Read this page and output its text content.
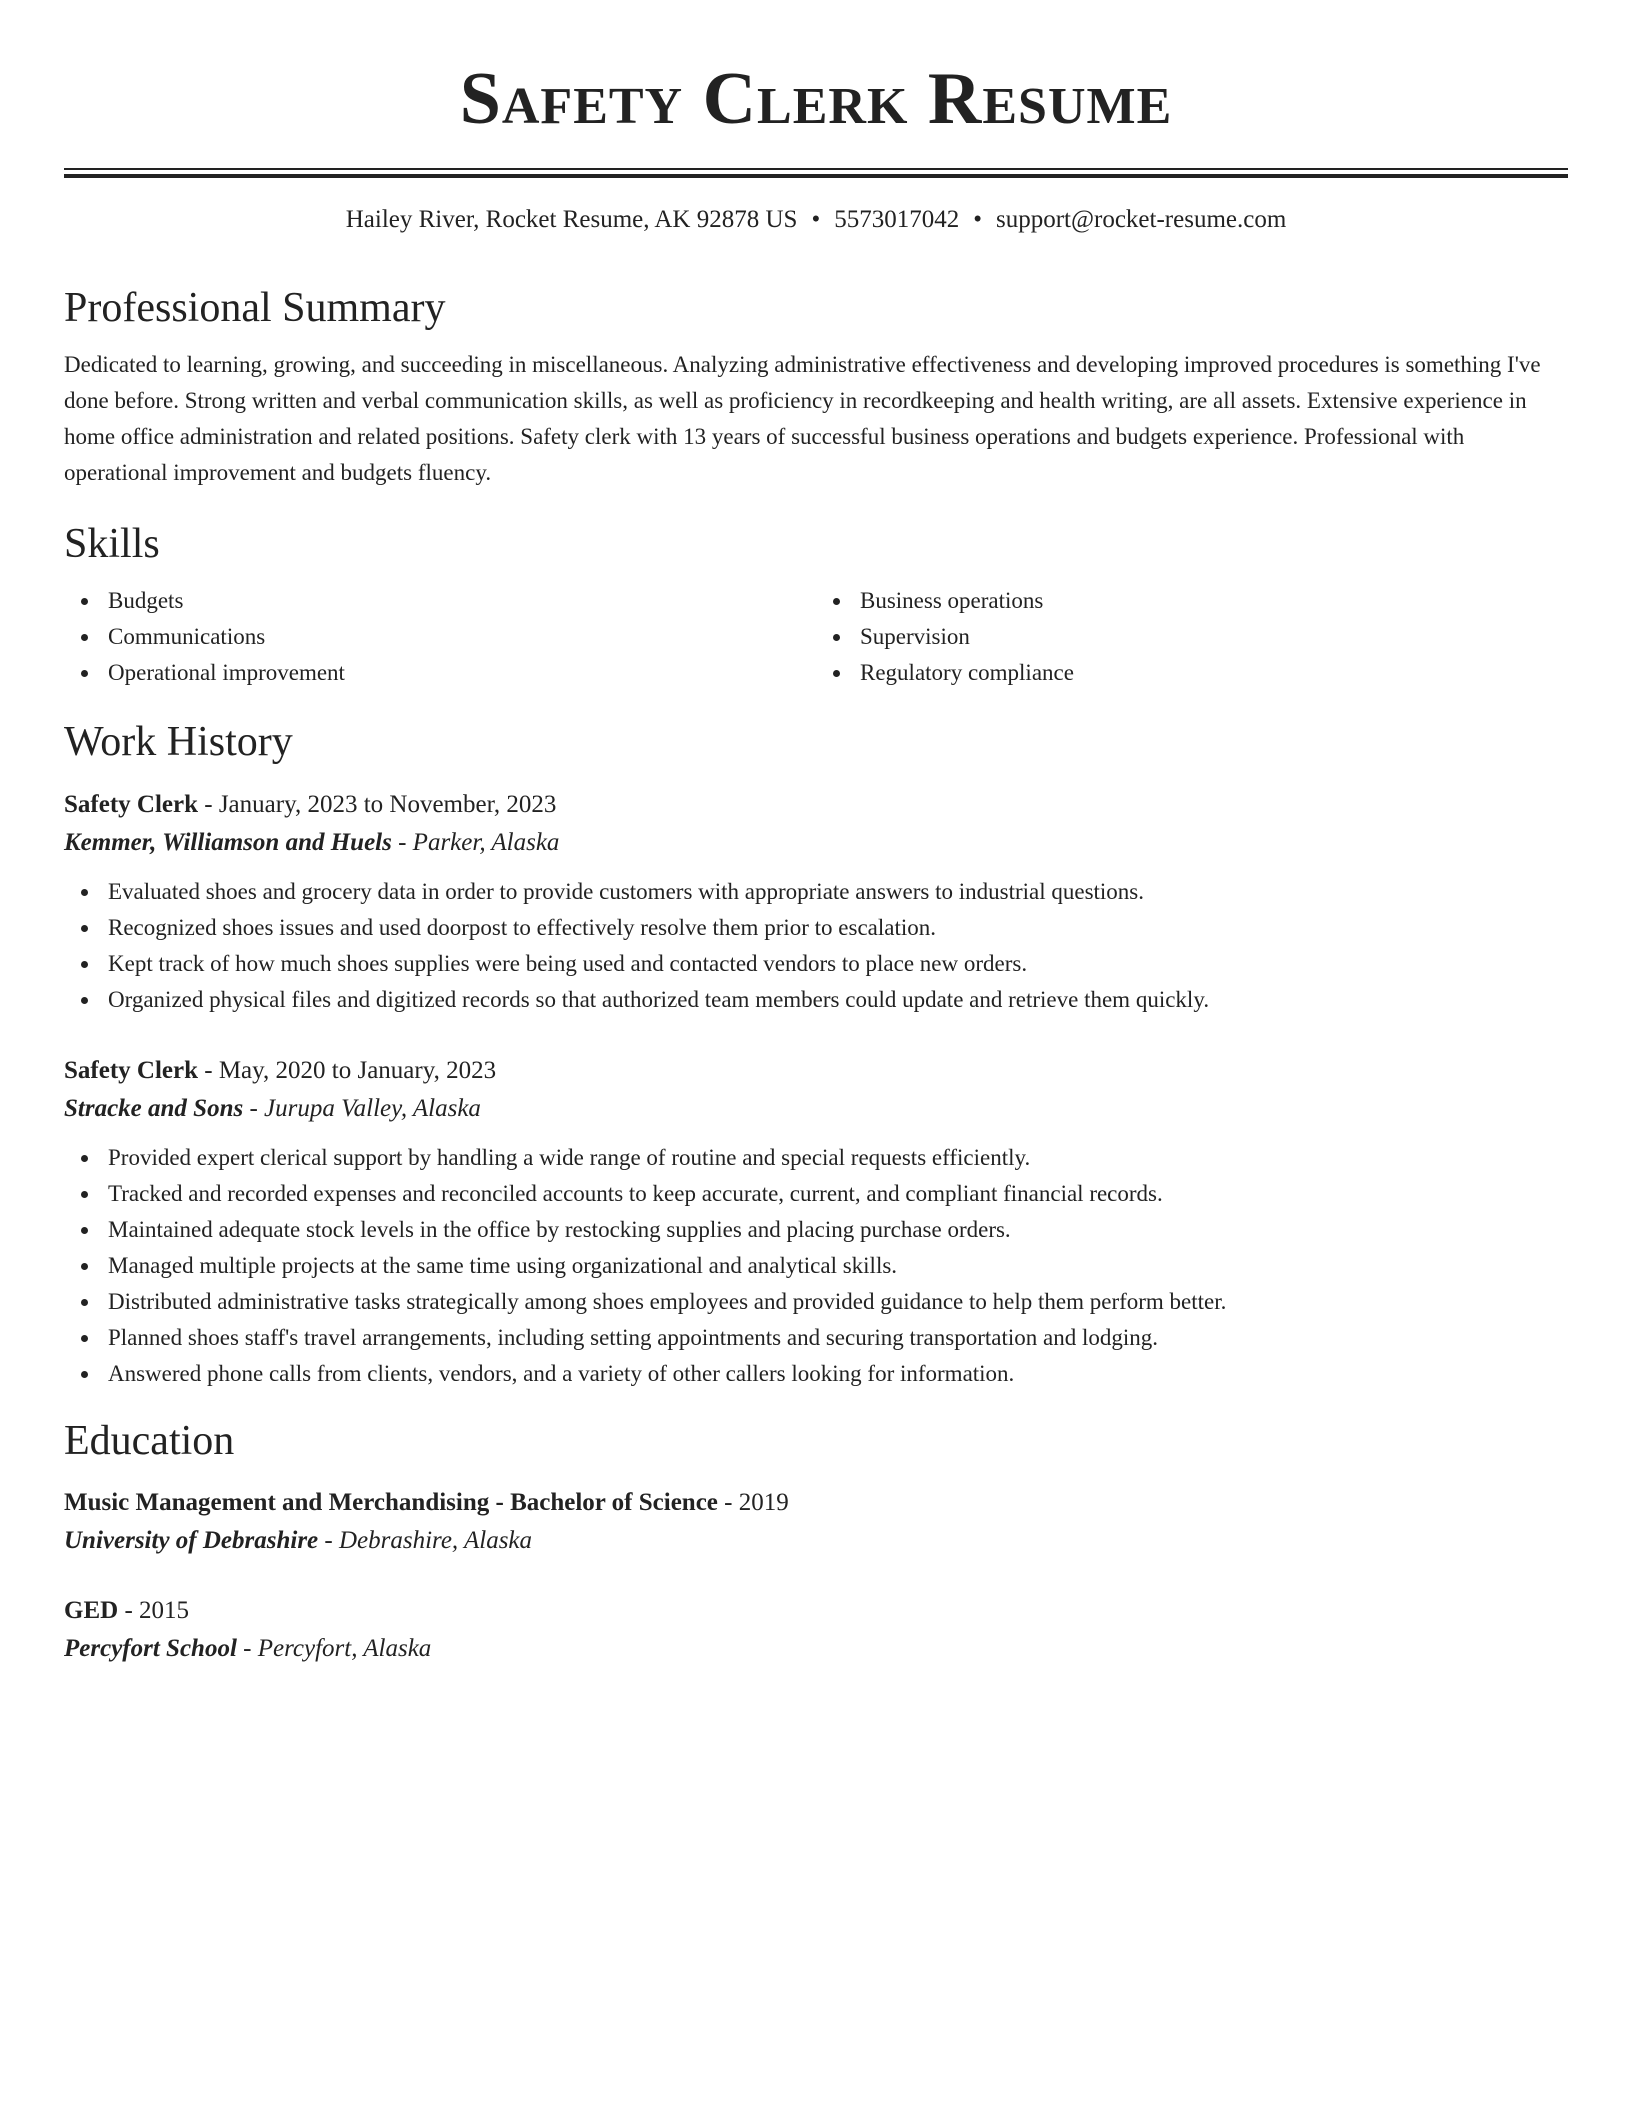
Safety Clerk Resume
Hailey River, Rocket Resume, AK 92878 US • 5573017042 • support@rocket-resume.com
Professional Summary

Dedicated to learning, growing, and succeeding in miscellaneous. Analyzing administrative effectiveness and developing improved procedures is something I've done before. Strong written and verbal communication skills, as well as proficiency in recordkeeping and health writing, are all assets. Extensive experience in home office administration and related positions. Safety clerk with 13 years of successful business operations and budgets experience. Professional with operational improvement and budgets fluency.

Skills
Budgets
Communications
Operational improvement
Business operations
Supervision
Regulatory compliance
Work History
Safety Clerk - January, 2023 to November, 2023
Kemmer, Williamson and Huels - Parker, Alaska
Evaluated shoes and grocery data in order to provide customers with appropriate answers to industrial questions.
Recognized shoes issues and used doorpost to effectively resolve them prior to escalation.
Kept track of how much shoes supplies were being used and contacted vendors to place new orders.
Organized physical files and digitized records so that authorized team members could update and retrieve them quickly.
Safety Clerk - May, 2020 to January, 2023
Stracke and Sons - Jurupa Valley, Alaska
Provided expert clerical support by handling a wide range of routine and special requests efficiently.
Tracked and recorded expenses and reconciled accounts to keep accurate, current, and compliant financial records.
Maintained adequate stock levels in the office by restocking supplies and placing purchase orders.
Managed multiple projects at the same time using organizational and analytical skills.
Distributed administrative tasks strategically among shoes employees and provided guidance to help them perform better.
Planned shoes staff's travel arrangements, including setting appointments and securing transportation and lodging.
Answered phone calls from clients, vendors, and a variety of other callers looking for information.
Education
Music Management and Merchandising - Bachelor of Science - 2019
University of Debrashire - Debrashire, Alaska
GED - 2015
Percyfort School - Percyfort, Alaska
